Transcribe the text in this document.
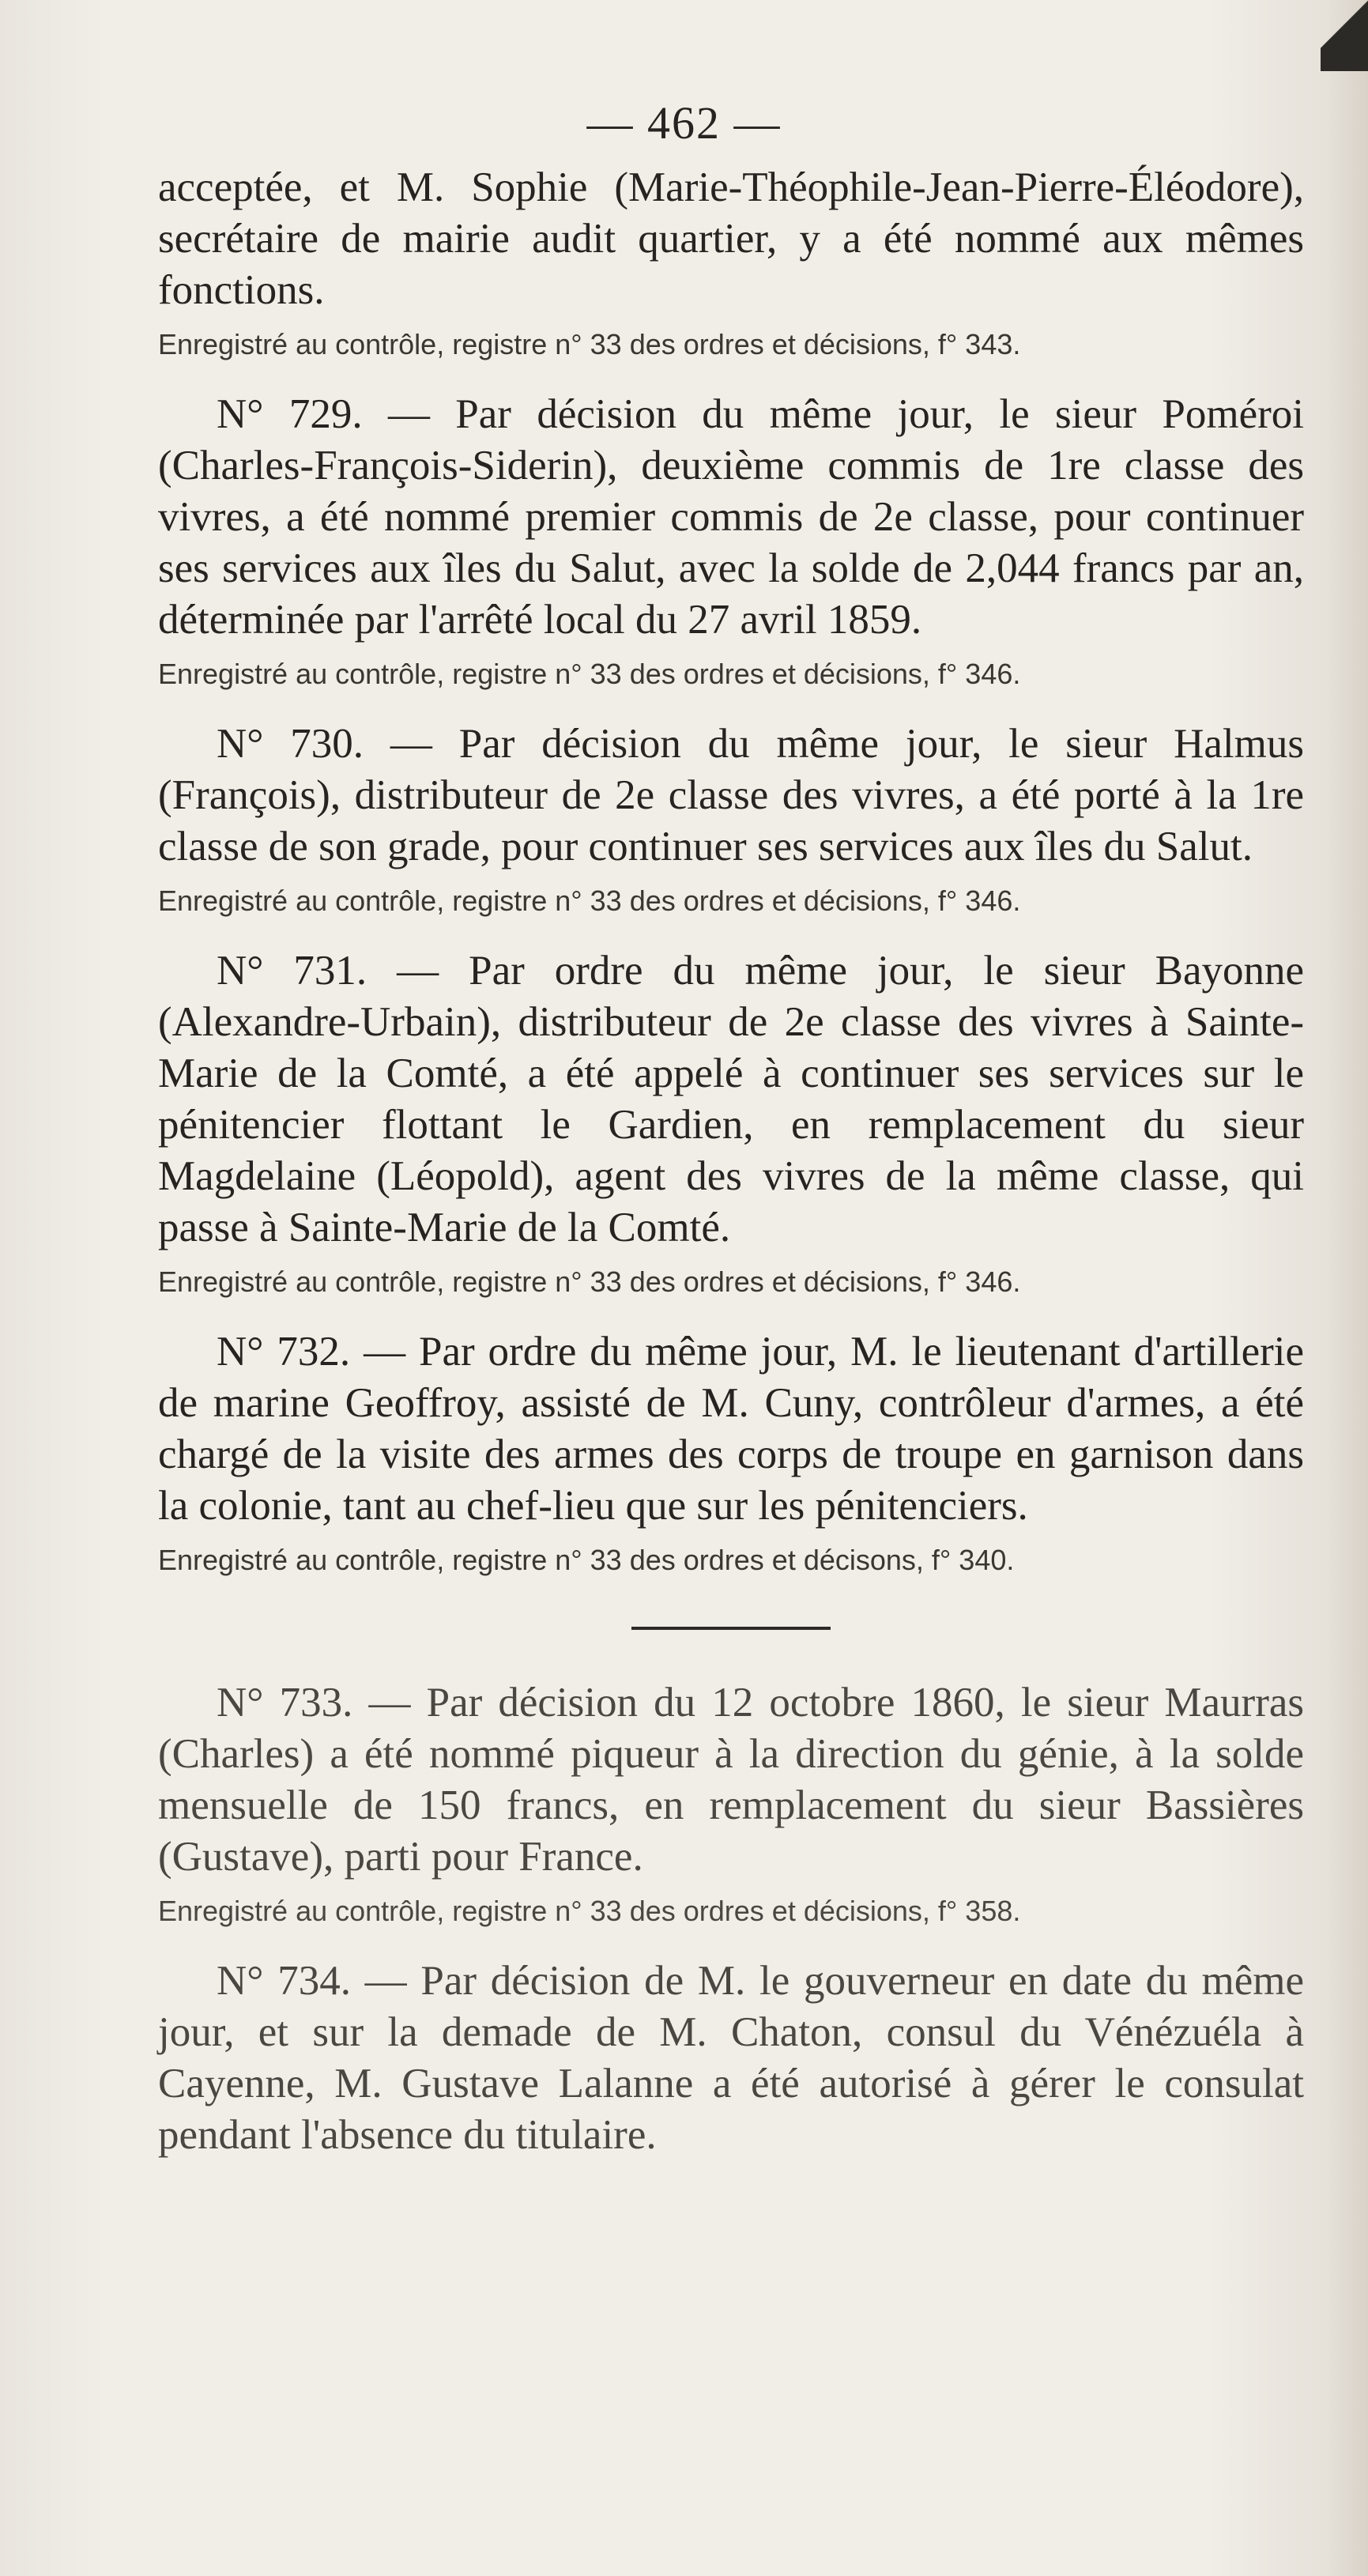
— 462 —

acceptée, et M. Sophie (Marie-Théophile-Jean-Pierre-Éléodore), secrétaire de mairie audit quartier, y a été nommé aux mêmes fonctions.

Enregistré au contrôle, registre n° 33 des ordres et décisions, f° 343.

N° 729. — Par décision du même jour, le sieur Poméroi (Charles-François-Siderin), deuxième commis de 1re classe des vivres, a été nommé premier commis de 2e classe, pour continuer ses services aux îles du Salut, avec la solde de 2,044 francs par an, déterminée par l'arrêté local du 27 avril 1859.

Enregistré au contrôle, registre n° 33 des ordres et décisions, f° 346.

N° 730. — Par décision du même jour, le sieur Halmus (François), distributeur de 2e classe des vivres, a été porté à la 1re classe de son grade, pour continuer ses services aux îles du Salut.

Enregistré au contrôle, registre n° 33 des ordres et décisions, f° 346.

N° 731. — Par ordre du même jour, le sieur Bayonne (Alexandre-Urbain), distributeur de 2e classe des vivres à Sainte-Marie de la Comté, a été appelé à continuer ses services sur le pénitencier flottant le Gardien, en remplacement du sieur Magdelaine (Léopold), agent des vivres de la même classe, qui passe à Sainte-Marie de la Comté.

Enregistré au contrôle, registre n° 33 des ordres et décisions, f° 346.

N° 732. — Par ordre du même jour, M. le lieutenant d'artillerie de marine Geoffroy, assisté de M. Cuny, contrôleur d'armes, a été chargé de la visite des armes des corps de troupe en garnison dans la colonie, tant au chef-lieu que sur les pénitenciers.

Enregistré au contrôle, registre n° 33 des ordres et décisons, f° 340.

N° 733. — Par décision du 12 octobre 1860, le sieur Maurras (Charles) a été nommé piqueur à la direction du génie, à la solde mensuelle de 150 francs, en remplacement du sieur Bassières (Gustave), parti pour France.

Enregistré au contrôle, registre n° 33 des ordres et décisions, f° 358.

N° 734. — Par décision de M. le gouverneur en date du même jour, et sur la demade de M. Chaton, consul du Vénézuéla à Cayenne, M. Gustave Lalanne a été autorisé à gérer le consulat pendant l'absence du titulaire.
